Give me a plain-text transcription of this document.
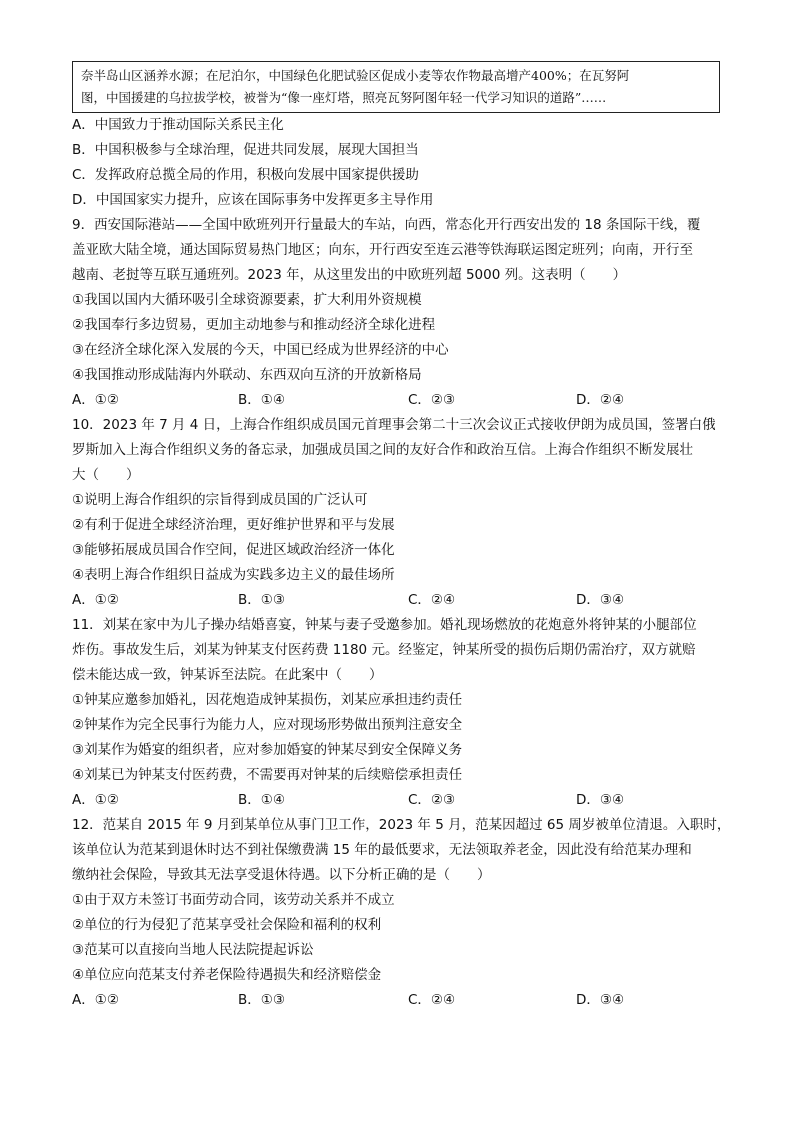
奈半岛山区涵养水源；在尼泊尔，中国绿色化肥试验区促成小麦等农作物最高增产400%；在瓦努阿
图，中国援建的乌拉拔学校，被誉为“像一座灯塔，照亮瓦努阿图年轻一代学习知识的道路”……
A．中国致力于推动国际关系民主化
B．中国积极参与全球治理，促进共同发展，展现大国担当
C．发挥政府总揽全局的作用，积极向发展中国家提供援助
D．中国国家实力提升，应该在国际事务中发挥更多主导作用
9．西安国际港站——全国中欧班列开行量最大的车站，向西，常态化开行西安出发的 18 条国际干线，覆
盖亚欧大陆全境，通达国际贸易热门地区；向东，开行西安至连云港等铁海联运图定班列；向南，开行至
越南、老挝等互联互通班列。2023 年，从这里发出的中欧班列超 5000 列。这表明（　　）
①我国以国内大循环吸引全球资源要素，扩大利用外资规模
②我国奉行多边贸易，更加主动地参与和推动经济全球化进程
③在经济全球化深入发展的今天，中国已经成为世界经济的中心
④我国推动形成陆海内外联动、东西双向互济的开放新格局
A．①②	B．①④	C．②③	D．②④
10．2023 年 7 月 4 日，上海合作组织成员国元首理事会第二十三次会议正式接收伊朗为成员国，签署白俄
罗斯加入上海合作组织义务的备忘录，加强成员国之间的友好合作和政治互信。上海合作组织不断发展壮
大（　　）
①说明上海合作组织的宗旨得到成员国的广泛认可
②有利于促进全球经济治理，更好维护世界和平与发展
③能够拓展成员国合作空间，促进区域政治经济一体化
④表明上海合作组织日益成为实践多边主义的最佳场所
A．①②	B．①③	C．②④	D．③④
11．刘某在家中为儿子操办结婚喜宴，钟某与妻子受邀参加。婚礼现场燃放的花炮意外将钟某的小腿部位
炸伤。事故发生后，刘某为钟某支付医药费 1180 元。经鉴定，钟某所受的损伤后期仍需治疗，双方就赔
偿未能达成一致，钟某诉至法院。在此案中（　　）
①钟某应邀参加婚礼，因花炮造成钟某损伤，刘某应承担违约责任
②钟某作为完全民事行为能力人，应对现场形势做出预判注意安全
③刘某作为婚宴的组织者，应对参加婚宴的钟某尽到安全保障义务
④刘某已为钟某支付医药费，不需要再对钟某的后续赔偿承担责任
A．①②	B．①④	C．②③	D．③④
12．范某自 2015 年 9 月到某单位从事门卫工作，2023 年 5 月，范某因超过 65 周岁被单位清退。入职时，
该单位认为范某到退休时达不到社保缴费满 15 年的最低要求，无法领取养老金，因此没有给范某办理和
缴纳社会保险，导致其无法享受退休待遇。以下分析正确的是（　　）
①由于双方未签订书面劳动合同，该劳动关系并不成立
②单位的行为侵犯了范某享受社会保险和福利的权利
③范某可以直接向当地人民法院提起诉讼
④单位应向范某支付养老保险待遇损失和经济赔偿金
A．①②	B．①③	C．②④	D．③④
